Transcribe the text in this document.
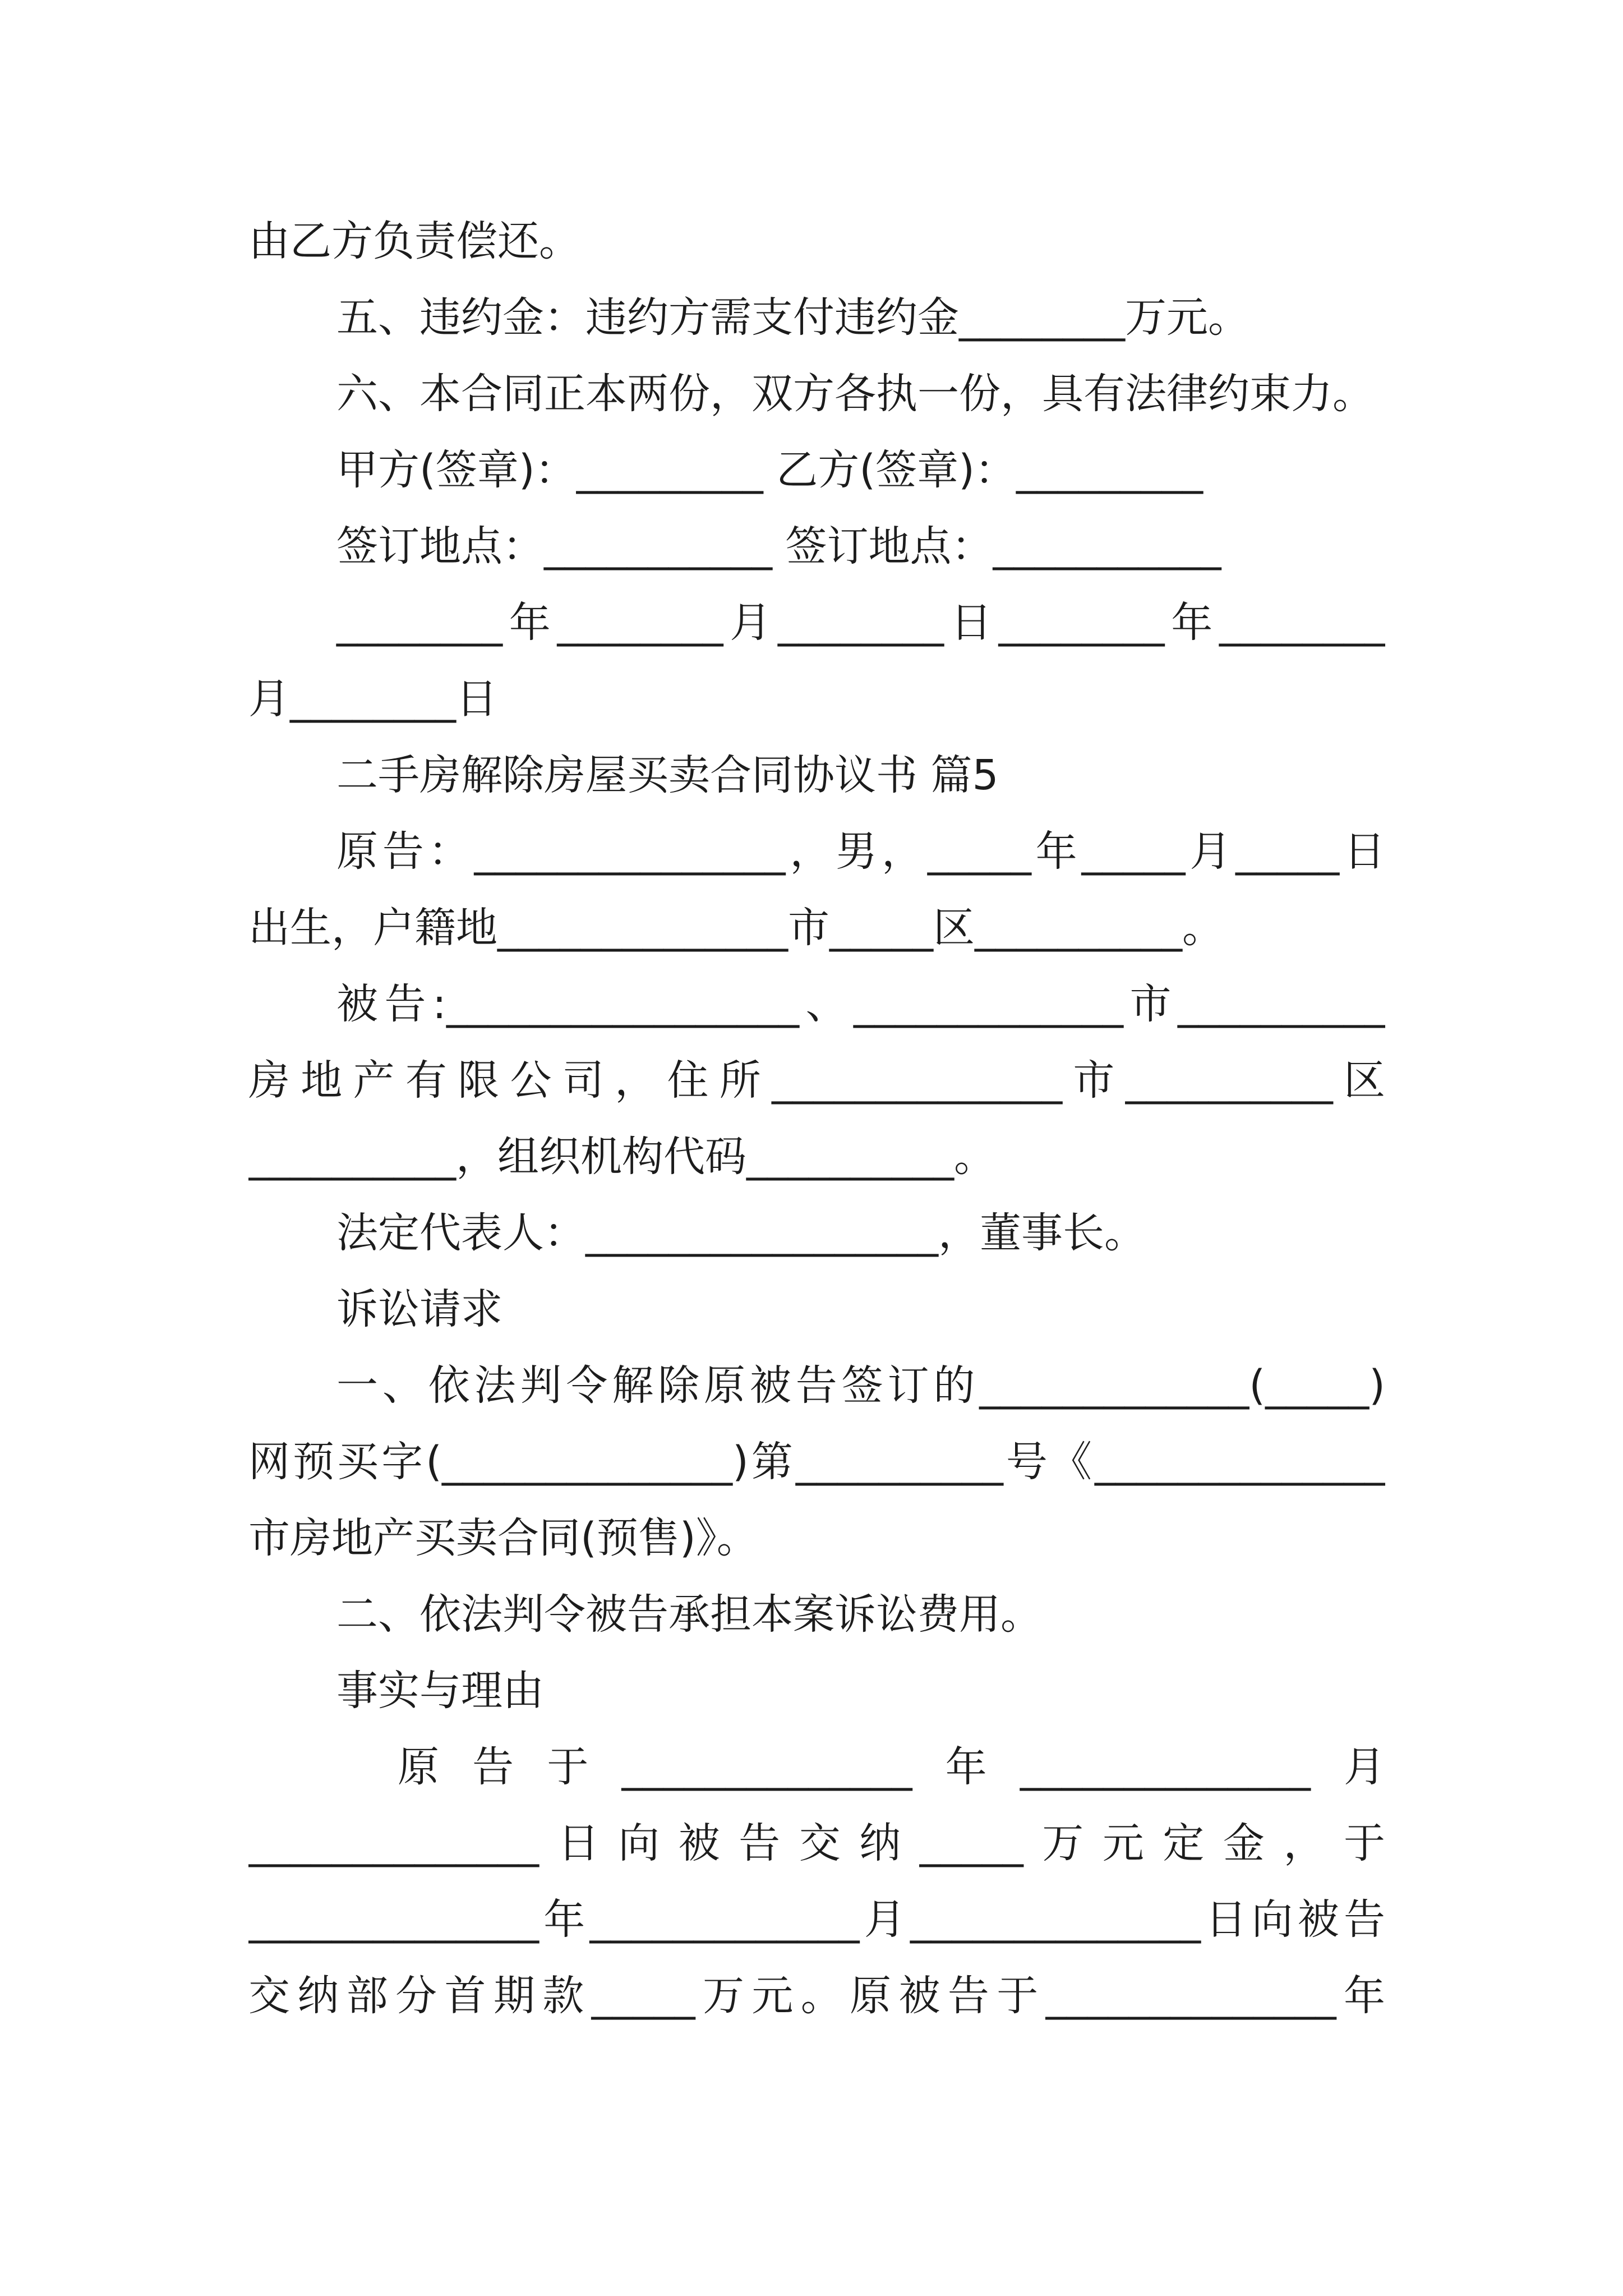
由乙方负责偿还。
五、违约金：违约方需支付违约金________万元。
六、本合同正本两份，双方各执一份，具有法律约束力。
甲方(签章)：_________ 乙方(签章)：_________
签订地点：___________ 签订地点：___________
________年________月________日________年________
月________日
二手房解除房屋买卖合同协议书 篇5
原告：_______________，男，_____年_____月_____日
出生，户籍地______________市_____区__________。
被告:_________________、_____________市__________
房地产有限公司，住所______________市__________区
__________，组织机构代码__________。
法定代表人：_________________，董事长。
诉讼请求
一、依法判令解除原被告签订的_____________(_____)
网预买字(______________)第__________号《______________
市房地产买卖合同(预售)》。
二、依法判令被告承担本案诉讼费用。
事实与理由
原告于______________年______________月
______________日向被告交纳_____万元定金，于
______________年_____________月______________日向被告
交纳部分首期款_____万元。原被告于______________年
